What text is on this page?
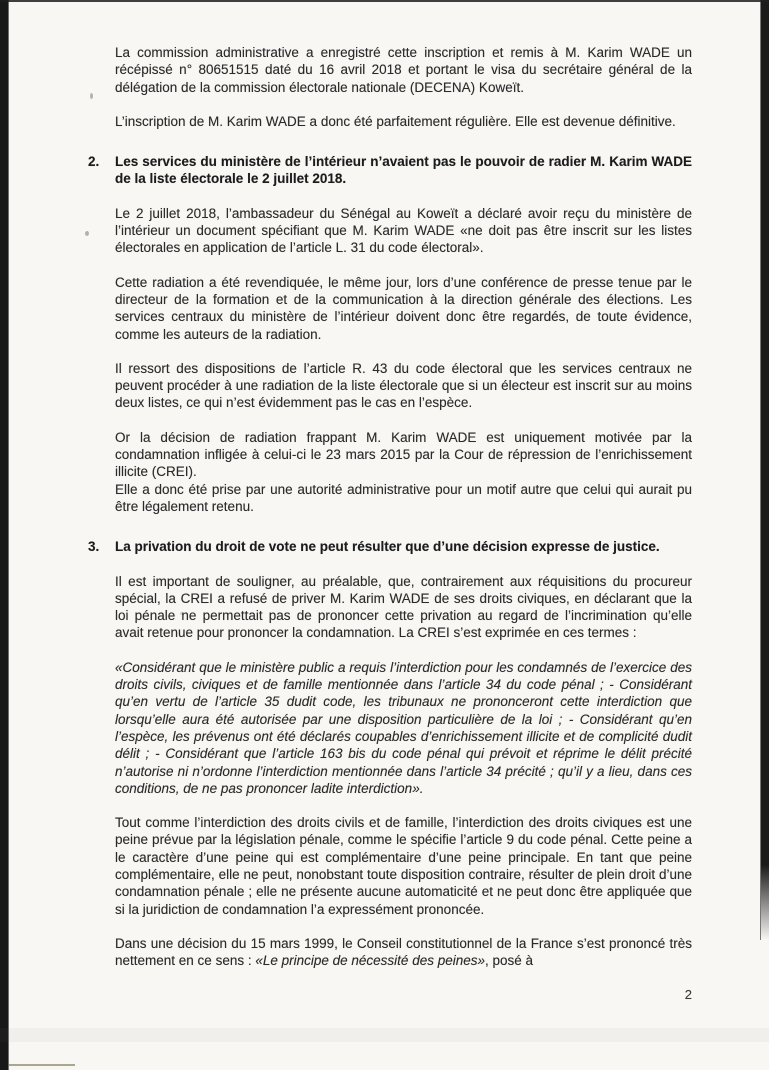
La commission administrative a enregistré cette inscription et remis à M. Karim WADE un récépissé n° 80651515 daté du 16 avril 2018 et portant le visa du secrétaire général de la délégation de la commission électorale nationale (DECENA) Koweït.

L’inscription de M. Karim WADE a donc été parfaitement régulière. Elle est devenue définitive.

2.	Les services du ministère de l’intérieur n’avaient pas le pouvoir de radier M. Karim WADE de la liste électorale le 2 juillet 2018.

Le 2 juillet 2018, l’ambassadeur du Sénégal au Koweït a déclaré avoir reçu du ministère de l’intérieur un document spécifiant que M. Karim WADE «ne doit pas être inscrit sur les listes électorales en application de l’article L. 31 du code électoral».

Cette radiation a été revendiquée, le même jour, lors d’une conférence de presse tenue par le directeur de la formation et de la communication à la direction générale des élections. Les services centraux du ministère de l’intérieur doivent donc être regardés, de toute évidence, comme les auteurs de la radiation.

Il ressort des dispositions de l’article R. 43 du code électoral que les services centraux ne peuvent procéder à une radiation de la liste électorale que si un électeur est inscrit sur au moins deux listes, ce qui n’est évidemment pas le cas en l’espèce.

Or la décision de radiation frappant M. Karim WADE est uniquement motivée par la condamnation infligée à celui-ci le 23 mars 2015 par la Cour de répression de l’enrichissement illicite (CREI).

Elle a donc été prise par une autorité administrative pour un motif autre que celui qui aurait pu être légalement retenu.

3.	La privation du droit de vote ne peut résulter que d’une décision expresse de justice.

Il est important de souligner, au préalable, que, contrairement aux réquisitions du procureur spécial, la CREI a refusé de priver M. Karim WADE de ses droits civiques, en déclarant que la loi pénale ne permettait pas de prononcer cette privation au regard de l’incrimination qu’elle avait retenue pour prononcer la condamnation. La CREI s’est exprimée en ces termes :

«Considérant que le ministère public a requis l’interdiction pour les condamnés de l’exercice des droits civils, civiques et de famille mentionnée dans l’article 34 du code pénal ; - Considérant qu’en vertu de l’article 35 dudit code, les tribunaux ne prononceront cette interdiction que lorsqu’elle aura été autorisée par une disposition particulière de la loi ; - Considérant qu’en l’espèce, les prévenus ont été déclarés coupables d’enrichissement illicite et de complicité dudit délit ; - Considérant que l’article 163 bis du code pénal qui prévoit et réprime le délit précité n’autorise ni n’ordonne l’interdiction mentionnée dans l’article 34 précité ; qu’il y a lieu, dans ces conditions, de ne pas prononcer ladite interdiction».

Tout comme l’interdiction des droits civils et de famille, l’interdiction des droits civiques est une peine prévue par la législation pénale, comme le spécifie l’article 9 du code pénal. Cette peine a le caractère d’une peine qui est complémentaire d’une peine principale. En tant que peine complémentaire, elle ne peut, nonobstant toute disposition contraire, résulter de plein droit d’une condamnation pénale ; elle ne présente aucune automaticité et ne peut donc être appliquée que si la juridiction de condamnation l’a expressément prononcée.

Dans une décision du 15 mars 1999, le Conseil constitutionnel de la France s’est prononcé très nettement en ce sens : «Le principe de nécessité des peines», posé à

2
